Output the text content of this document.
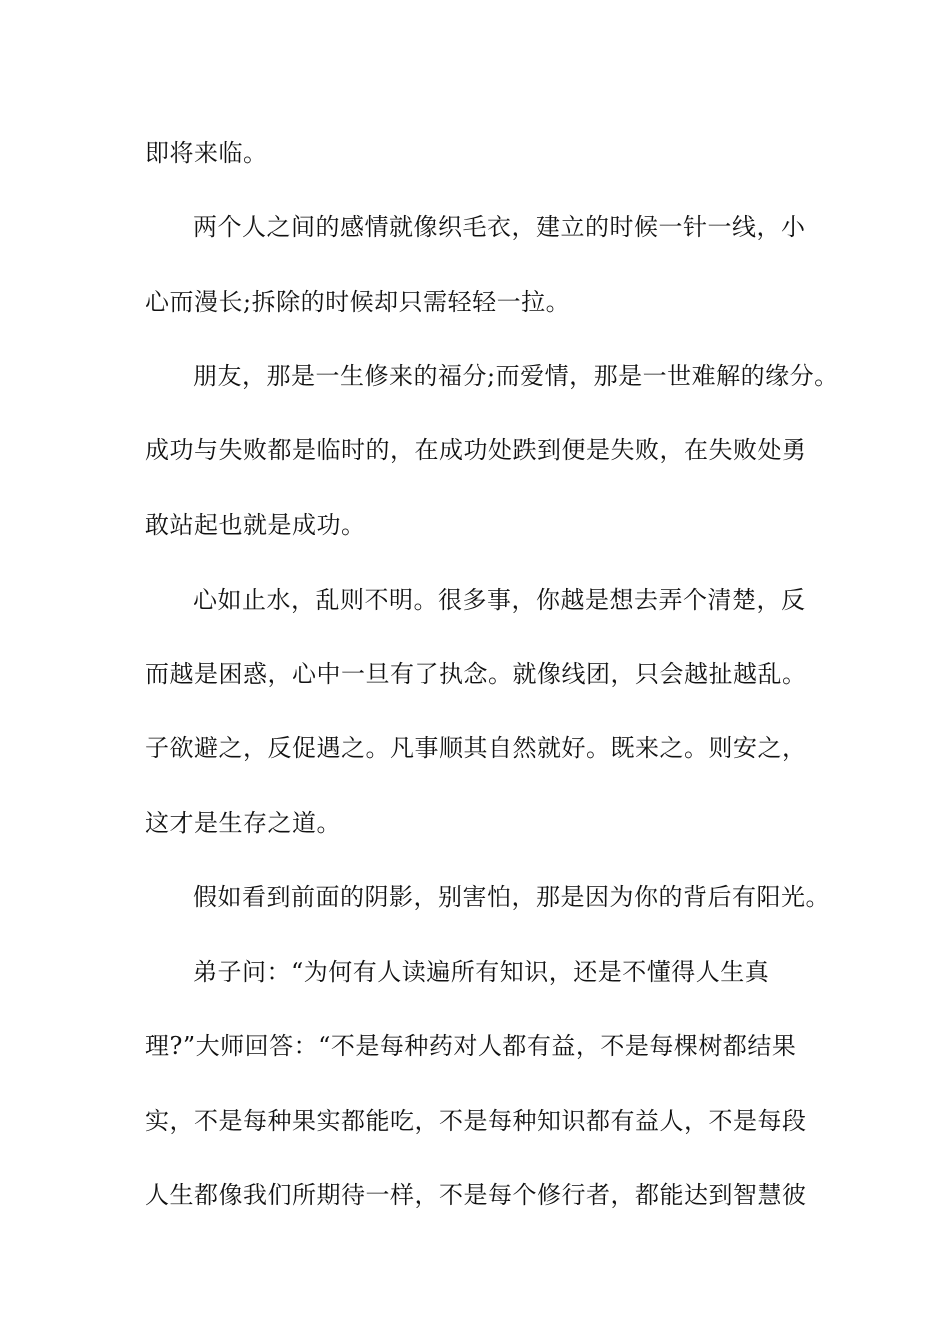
即将来临。
两个人之间的感情就像织毛衣，建立的时候一针一线，小
心而漫长;拆除的时候却只需轻轻一拉。
朋友，那是一生修来的福分;而爱情，那是一世难解的缘分。
成功与失败都是临时的，在成功处跌到便是失败，在失败处勇
敢站起也就是成功。
心如止水，乱则不明。很多事，你越是想去弄个清楚，反
而越是困惑，心中一旦有了执念。就像线团，只会越扯越乱。
子欲避之，反促遇之。凡事顺其自然就好。既来之。则安之，
这才是生存之道。
假如看到前面的阴影，别害怕，那是因为你的背后有阳光。
弟子问：“为何有人读遍所有知识，还是不懂得人生真
理?”大师回答：“不是每种药对人都有益，不是每棵树都结果
实，不是每种果实都能吃，不是每种知识都有益人，不是每段
人生都像我们所期待一样，不是每个修行者，都能达到智慧彼
